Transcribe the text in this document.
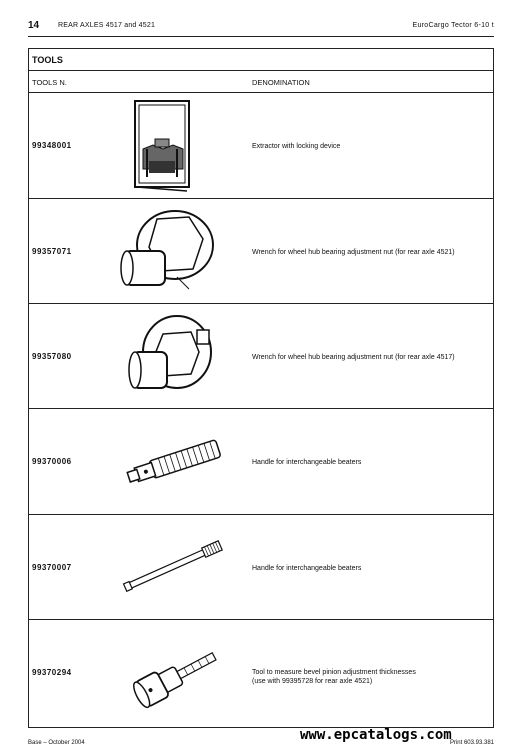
14	REAR AXLES 4517 and 4521	EuroCargo Tector 6-10 t
TOOLS
TOOLS N.	DENOMINATION
99348001	Extractor with locking device
99357071	Wrench for wheel hub bearing adjustment nut (for rear axle 4521)
99357080	Wrench for wheel hub bearing adjustment nut (for rear axle 4517)
99370006	Handle for interchangeable beaters
99370007	Handle for interchangeable beaters
99370294	Tool to measure bevel pinion adjustment thicknesses
(use with 99395728 for rear axle 4521)
Base – October 2004	Print 603.93.381
www.epcatalogs.com
